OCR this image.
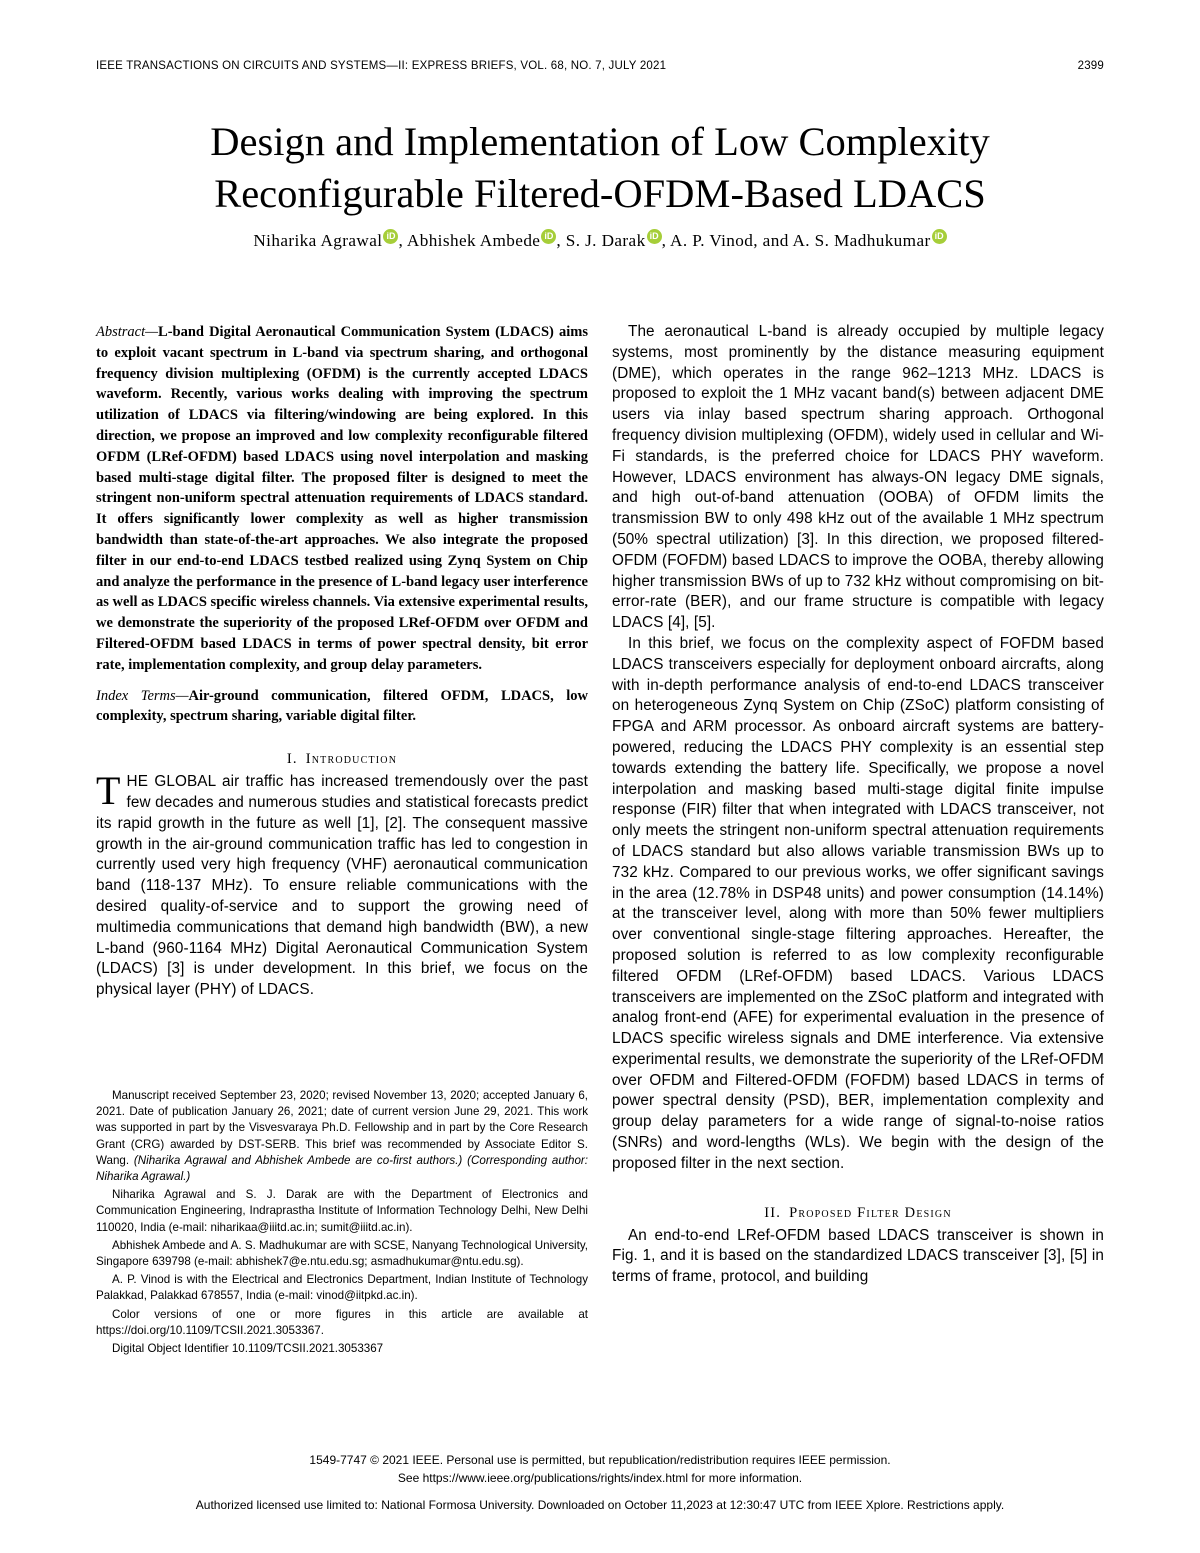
IEEE TRANSACTIONS ON CIRCUITS AND SYSTEMS—II: EXPRESS BRIEFS, VOL. 68, NO. 7, JULY 2021	2399
Design and Implementation of Low Complexity
Reconfigurable Filtered-OFDM-Based LDACS
Niharika Agrawal iD , Abhishek Ambede iD , S. J. Darak iD , A. P. Vinod, and A. S. Madhukumar iD
Abstract—L-band Digital Aeronautical Communication System (LDACS) aims to exploit vacant spectrum in L-band via spectrum sharing, and orthogonal frequency division multiplexing (OFDM) is the currently accepted LDACS waveform. Recently, various works dealing with improving the spectrum utilization of LDACS via filtering/windowing are being explored. In this direction, we propose an improved and low complexity reconfigurable filtered OFDM (LRef-OFDM) based LDACS using novel interpolation and masking based multi-stage digital filter. The proposed filter is designed to meet the stringent non-uniform spectral attenuation requirements of LDACS standard. It offers significantly lower complexity as well as higher transmission bandwidth than state-of-the-art approaches. We also integrate the proposed filter in our end-to-end LDACS testbed realized using Zynq System on Chip and analyze the performance in the presence of L-band legacy user interference as well as LDACS specific wireless channels. Via extensive experimental results, we demonstrate the superiority of the proposed LRef-OFDM over OFDM and Filtered-OFDM based LDACS in terms of power spectral density, bit error rate, implementation complexity, and group delay parameters.
Index Terms—Air-ground communication, filtered OFDM, LDACS, low complexity, spectrum sharing, variable digital filter.
I. Introduction

THE GLOBAL air traffic has increased tremendously over the past few decades and numerous studies and statistical forecasts predict its rapid growth in the future as well [1], [2]. The consequent massive growth in the air-ground communication traffic has led to congestion in currently used very high frequency (VHF) aeronautical communication band (118-137 MHz). To ensure reliable communications with the desired quality-of-service and to support the growing need of multimedia communications that demand high bandwidth (BW), a new L-band (960-1164 MHz) Digital Aeronautical Communication System (LDACS) [3] is under development. In this brief, we focus on the physical layer (PHY) of LDACS.

Manuscript received September 23, 2020; revised November 13, 2020; accepted January 6, 2021. Date of publication January 26, 2021; date of current version June 29, 2021. This work was supported in part by the Visvesvaraya Ph.D. Fellowship and in part by the Core Research Grant (CRG) awarded by DST-SERB. This brief was recommended by Associate Editor S. Wang. (Niharika Agrawal and Abhishek Ambede are co-first authors.) (Corresponding author: Niharika Agrawal.)

Niharika Agrawal and S. J. Darak are with the Department of Electronics and Communication Engineering, Indraprastha Institute of Information Technology Delhi, New Delhi 110020, India (e-mail: niharikaa@iiitd.ac.in; sumit@iiitd.ac.in).

Abhishek Ambede and A. S. Madhukumar are with SCSE, Nanyang Technological University, Singapore 639798 (e-mail: abhishek7@e.ntu.edu.sg; asmadhukumar@ntu.edu.sg).

A. P. Vinod is with the Electrical and Electronics Department, Indian Institute of Technology Palakkad, Palakkad 678557, India (e-mail: vinod@iitpkd.ac.in).

Color versions of one or more figures in this article are available at https://doi.org/10.1109/TCSII.2021.3053367.

Digital Object Identifier 10.1109/TCSII.2021.3053367

The aeronautical L-band is already occupied by multiple legacy systems, most prominently by the distance measuring equipment (DME), which operates in the range 962–1213 MHz. LDACS is proposed to exploit the 1 MHz vacant band(s) between adjacent DME users via inlay based spectrum sharing approach. Orthogonal frequency division multiplexing (OFDM), widely used in cellular and Wi-Fi standards, is the preferred choice for LDACS PHY waveform. However, LDACS environment has always-ON legacy DME signals, and high out-of-band attenuation (OOBA) of OFDM limits the transmission BW to only 498 kHz out of the available 1 MHz spectrum (50% spectral utilization) [3]. In this direction, we proposed filtered-OFDM (FOFDM) based LDACS to improve the OOBA, thereby allowing higher transmission BWs of up to 732 kHz without compromising on bit-error-rate (BER), and our frame structure is compatible with legacy LDACS [4], [5].

In this brief, we focus on the complexity aspect of FOFDM based LDACS transceivers especially for deployment onboard aircrafts, along with in-depth performance analysis of end-to-end LDACS transceiver on heterogeneous Zynq System on Chip (ZSoC) platform consisting of FPGA and ARM processor. As onboard aircraft systems are battery-powered, reducing the LDACS PHY complexity is an essential step towards extending the battery life. Specifically, we propose a novel interpolation and masking based multi-stage digital finite impulse response (FIR) filter that when integrated with LDACS transceiver, not only meets the stringent non-uniform spectral attenuation requirements of LDACS standard but also allows variable transmission BWs up to 732 kHz. Compared to our previous works, we offer significant savings in the area (12.78% in DSP48 units) and power consumption (14.14%) at the transceiver level, along with more than 50% fewer multipliers over conventional single-stage filtering approaches. Hereafter, the proposed solution is referred to as low complexity reconfigurable filtered OFDM (LRef-OFDM) based LDACS. Various LDACS transceivers are implemented on the ZSoC platform and integrated with analog front-end (AFE) for experimental evaluation in the presence of LDACS specific wireless signals and DME interference. Via extensive experimental results, we demonstrate the superiority of the LRef-OFDM over OFDM and Filtered-OFDM (FOFDM) based LDACS in terms of power spectral density (PSD), BER, implementation complexity and group delay parameters for a wide range of signal-to-noise ratios (SNRs) and word-lengths (WLs). We begin with the design of the proposed filter in the next section.

II. Proposed Filter Design

An end-to-end LRef-OFDM based LDACS transceiver is shown in Fig. 1, and it is based on the standardized LDACS transceiver [3], [5] in terms of frame, protocol, and building

1549-7747 © 2021 IEEE. Personal use is permitted, but republication/redistribution requires IEEE permission.
See https://www.ieee.org/publications/rights/index.html for more information.
Authorized licensed use limited to: National Formosa University. Downloaded on October 11,2023 at 12:30:47 UTC from IEEE Xplore. Restrictions apply.
